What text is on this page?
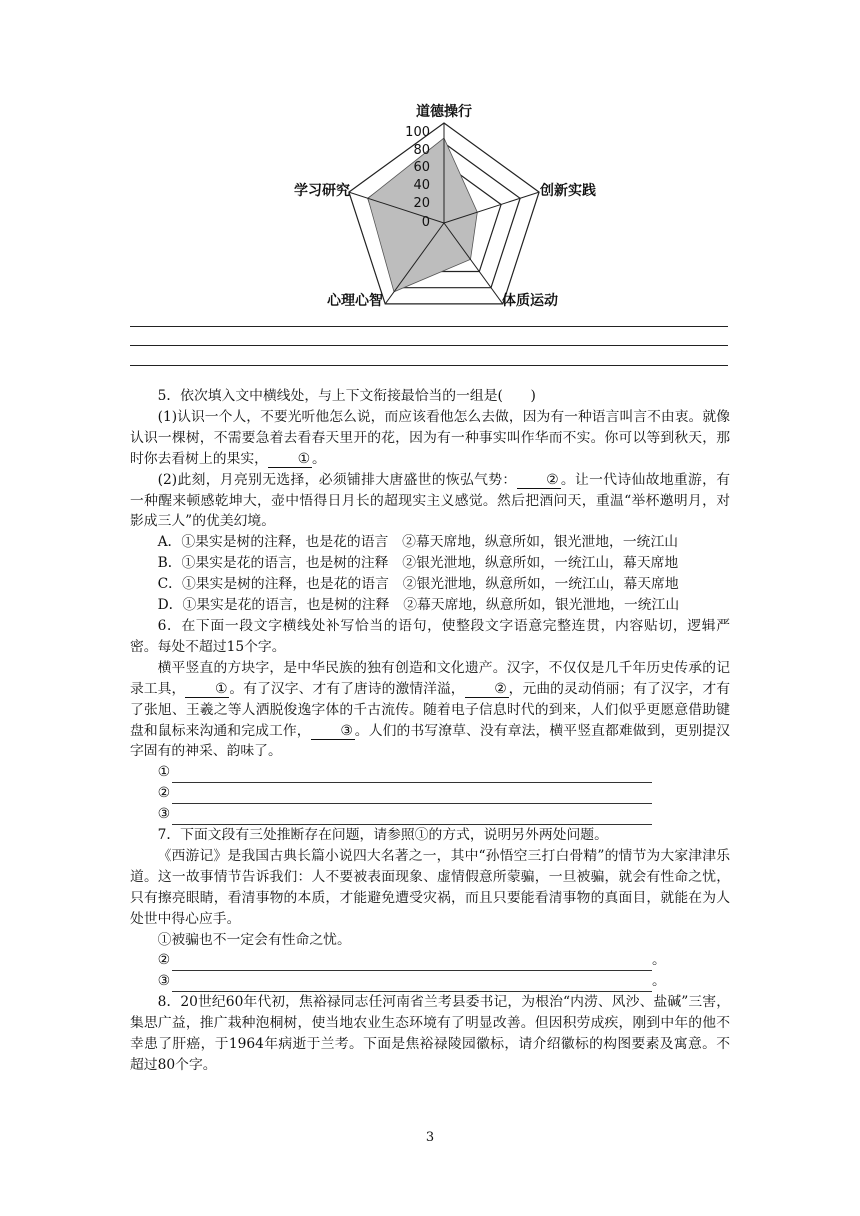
100
80
60
40
20
0
道德操行
创新实践
体质运动
心理心智
学习研究

5．依次填入文中横线处，与上下文衔接最恰当的一组是(　　)

(1)认识一个人，不要光听他怎么说，而应该看他怎么去做，因为有一种语言叫言不由衷。就像认识一棵树，不需要急着去看春天里开的花，因为有一种事实叫作华而不实。你可以等到秋天，那时你去看树上的果实， ① 。

(2)此刻，月亮别无选择，必须铺排大唐盛世的恢弘气势： ② 。让一代诗仙故地重游，有一种醒来顿感乾坤大，壶中悟得日月长的超现实主义感觉。然后把酒问天，重温“举杯邀明月，对影成三人”的优美幻境。

A．①果实是树的注释，也是花的语言　②幕天席地，纵意所如，银光泄地，一统江山

B．①果实是花的语言，也是树的注释　②银光泄地，纵意所如，一统江山，幕天席地

C．①果实是树的注释，也是花的语言　②银光泄地，纵意所如，一统江山，幕天席地

D．①果实是花的语言，也是树的注释　②幕天席地，纵意所如，银光泄地，一统江山

6．在下面一段文字横线处补写恰当的语句，使整段文字语意完整连贯，内容贴切，逻辑严密。每处不超过15个字。

横平竖直的方块字，是中华民族的独有创造和文化遗产。汉字，不仅仅是几千年历史传承的记录工具， ① 。有了汉字、才有了唐诗的激情洋溢， ② ，元曲的灵动俏丽；有了汉字，才有了张旭、王羲之等人洒脱俊逸字体的千古流传。随着电子信息时代的到来，人们似乎更愿意借助键盘和鼠标来沟通和完成工作， ③ 。人们的书写潦草、没有章法，横平竖直都难做到，更别提汉字固有的神采、韵味了。

①
②
③

7．下面文段有三处推断存在问题，请参照①的方式，说明另外两处问题。

《西游记》是我国古典长篇小说四大名著之一，其中“孙悟空三打白骨精”的情节为大家津津乐道。这一故事情节告诉我们：人不要被表面现象、虚情假意所蒙骗，一旦被骗，就会有性命之忧，只有擦亮眼睛，看清事物的本质，才能避免遭受灾祸，而且只要能看清事物的真面目，就能在为人处世中得心应手。

①被骗也不一定会有性命之忧。

②	。
③	。

8．20世纪60年代初，焦裕禄同志任河南省兰考县委书记，为根治“内涝、风沙、盐碱”三害，集思广益，推广栽种泡桐树，使当地农业生态环境有了明显改善。但因积劳成疾，刚到中年的他不幸患了肝癌，于1964年病逝于兰考。下面是焦裕禄陵园徽标，请介绍徽标的构图要素及寓意。不超过80个字。

3
